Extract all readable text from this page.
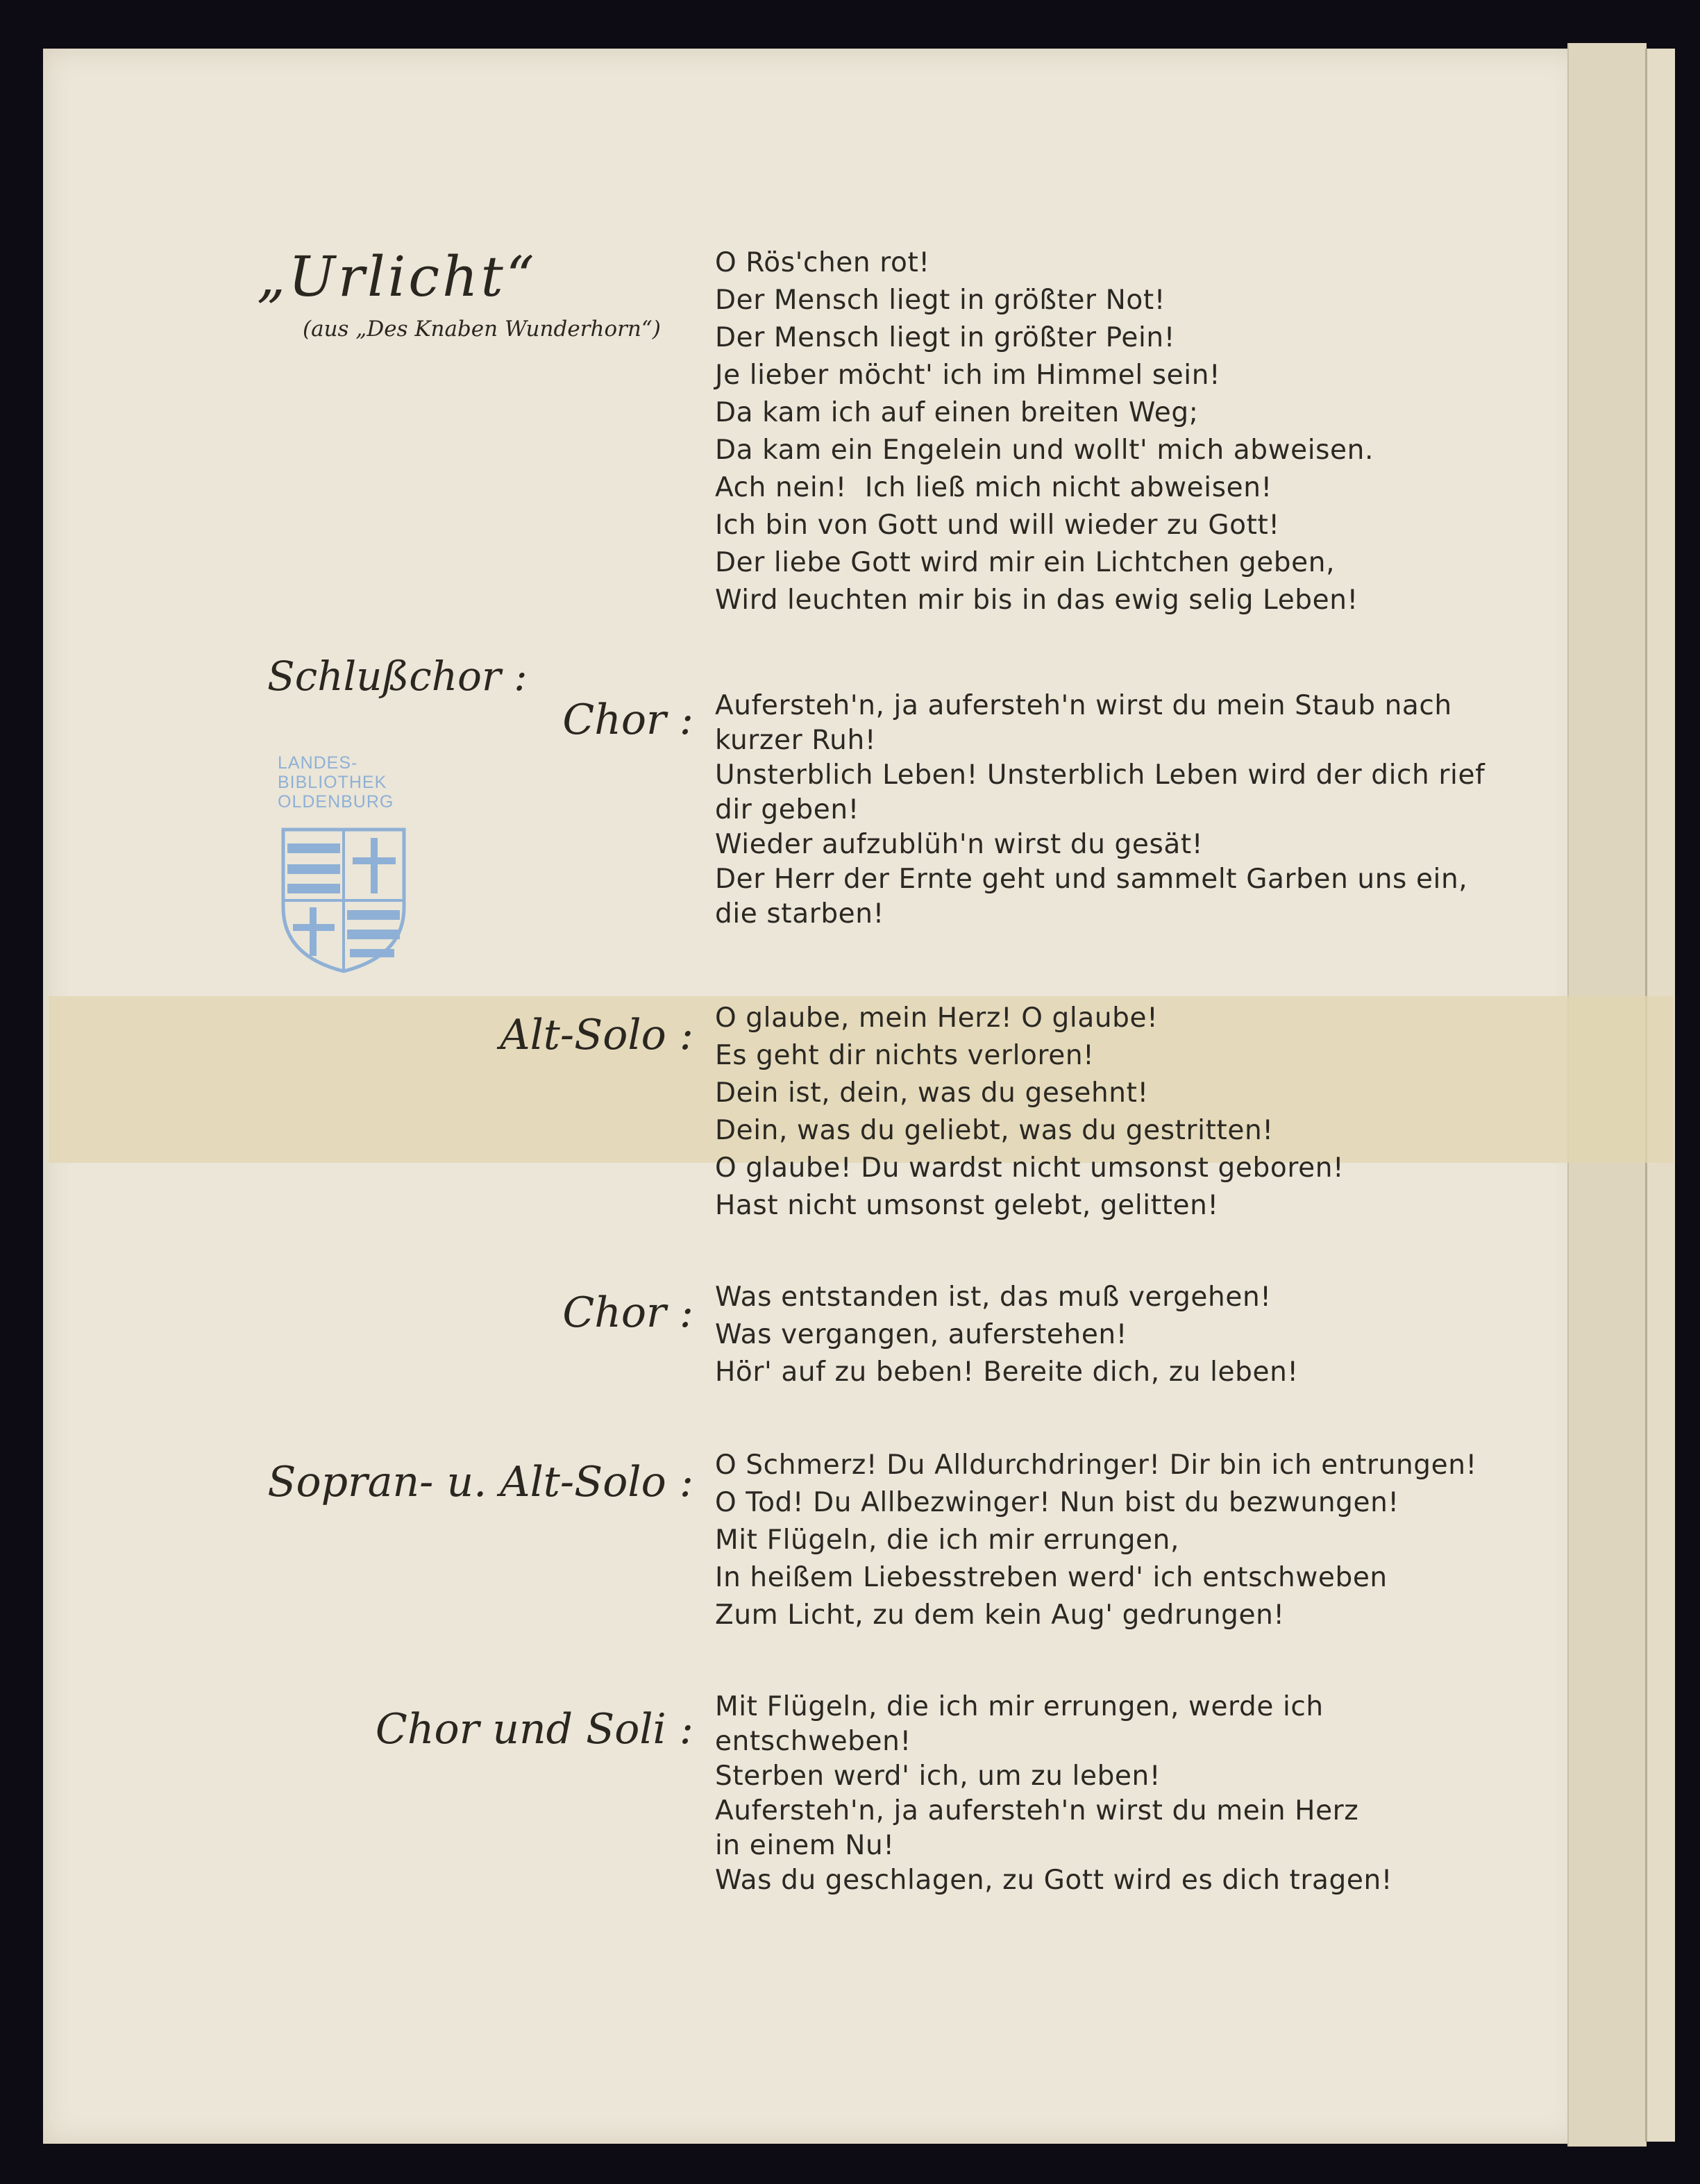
„Urlicht“
(aus „Des Knaben Wunderhorn“)
Schlußchor :
LANDES-
BIBLIOTHEK
OLDENBURG
O Rös'chen rot!
Der Mensch liegt in größter Not!
Der Mensch liegt in größter Pein!
Je lieber möcht' ich im Himmel sein!
Da kam ich auf einen breiten Weg;
Da kam ein Engelein und wollt' mich abweisen.
Ach nein!  Ich ließ mich nicht abweisen!
Ich bin von Gott und will wieder zu Gott!
Der liebe Gott wird mir ein Lichtchen geben,
Wird leuchten mir bis in das ewig selig Leben!
Chor : Aufersteh'n, ja aufersteh'n wirst du mein Staub nach
kurzer Ruh!
Unsterblich Leben! Unsterblich Leben wird der dich rief
dir geben!
Wieder aufzublüh'n wirst du gesät!
Der Herr der Ernte geht und sammelt Garben uns ein,
die starben!
Alt-Solo : O glaube, mein Herz! O glaube!
Es geht dir nichts verloren!
Dein ist, dein, was du gesehnt!
Dein, was du geliebt, was du gestritten!
O glaube! Du wardst nicht umsonst geboren!
Hast nicht umsonst gelebt, gelitten!
Chor : Was entstanden ist, das muß vergehen!
Was vergangen, auferstehen!
Hör' auf zu beben! Bereite dich, zu leben!
Sopran- u. Alt-Solo : O Schmerz! Du Alldurchdringer! Dir bin ich entrungen!
O Tod! Du Allbezwinger! Nun bist du bezwungen!
Mit Flügeln, die ich mir errungen,
In heißem Liebesstreben werd' ich entschweben
Zum Licht, zu dem kein Aug' gedrungen!
Chor und Soli : Mit Flügeln, die ich mir errungen, werde ich
entschweben!
Sterben werd' ich, um zu leben!
Aufersteh'n, ja aufersteh'n wirst du mein Herz
in einem Nu!
Was du geschlagen, zu Gott wird es dich tragen!
